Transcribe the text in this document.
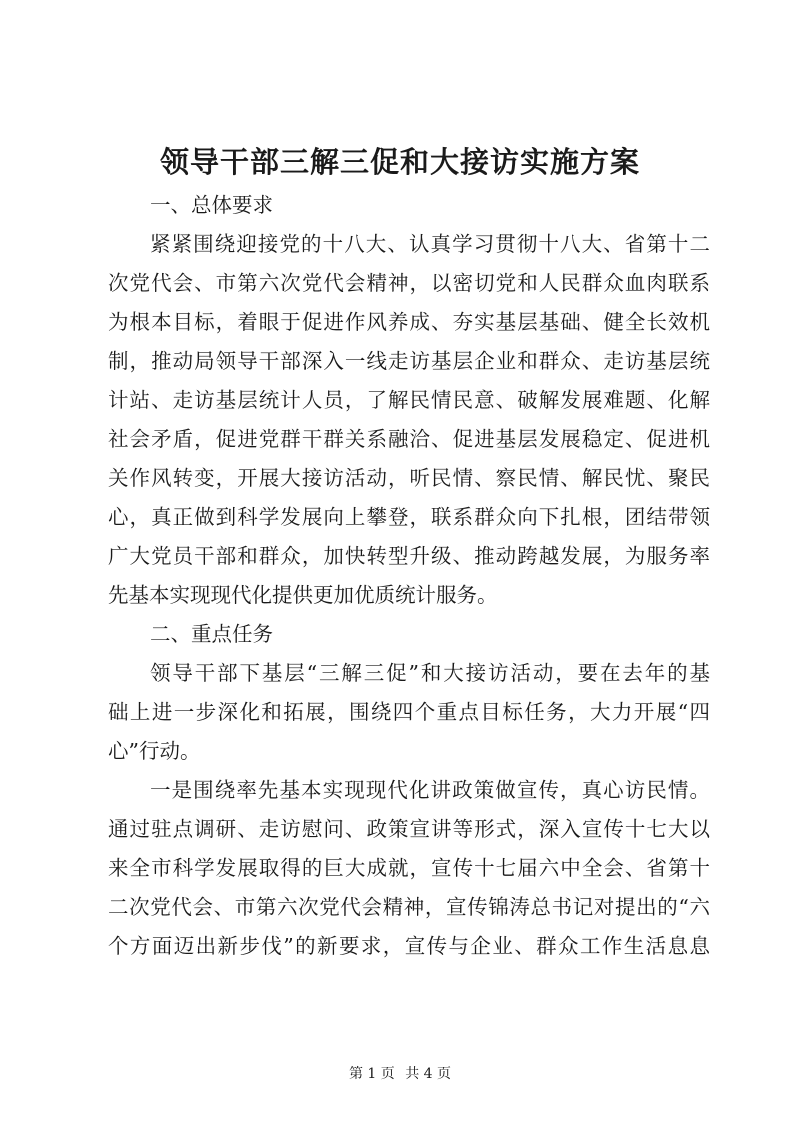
领导干部三解三促和大接访实施方案
一、总体要求
紧紧围绕迎接党的十八大、认真学习贯彻十八大、省第十二
次党代会、市第六次党代会精神，以密切党和人民群众血肉联系
为根本目标，着眼于促进作风养成、夯实基层基础、健全长效机
制，推动局领导干部深入一线走访基层企业和群众、走访基层统
计站、走访基层统计人员，了解民情民意、破解发展难题、化解
社会矛盾，促进党群干群关系融洽、促进基层发展稳定、促进机
关作风转变，开展大接访活动，听民情、察民情、解民忧、聚民
心，真正做到科学发展向上攀登，联系群众向下扎根，团结带领
广大党员干部和群众，加快转型升级、推动跨越发展，为服务率
先基本实现现代化提供更加优质统计服务。
二、重点任务
领导干部下基层“三解三促”和大接访活动，要在去年的基
础上进一步深化和拓展，围绕四个重点目标任务，大力开展“四
心”行动。
一是围绕率先基本实现现代化讲政策做宣传，真心访民情。
通过驻点调研、走访慰问、政策宣讲等形式，深入宣传十七大以
来全市科学发展取得的巨大成就，宣传十七届六中全会、省第十
二次党代会、市第六次党代会精神，宣传锦涛总书记对提出的“六
个方面迈出新步伐”的新要求，宣传与企业、群众工作生活息息
第 1 页 共 4 页
